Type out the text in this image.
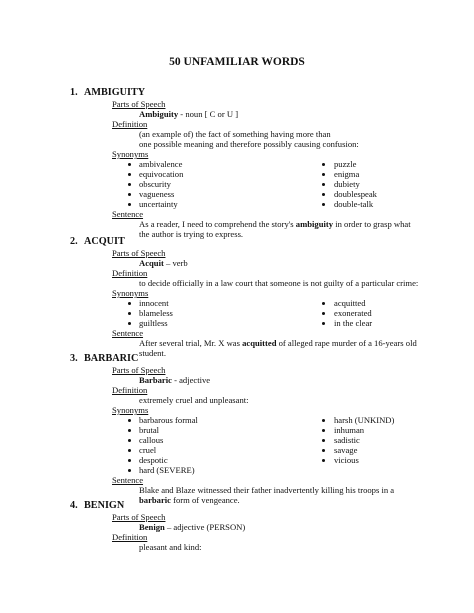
50 UNFAMILIAR WORDS
1. AMBIGUITY
Parts of Speech
Ambiguity - noun [ C or U ]
Definition
(an example of) the fact of something having more than
one possible meaning and therefore possibly causing confusion:
Synonyms
ambivalence	puzzle
equivocation	enigma
obscurity	dubiety
vagueness	doublespeak
uncertainty	double-talk
Sentence
As a reader, I need to comprehend the story's ambiguity in order to grasp what
the author is trying to express.
2. ACQUIT
Parts of Speech
Acquit – verb
Definition
to decide officially in a law court that someone is not guilty of a particular crime:
Synonyms
innocent	acquitted
blameless	exonerated
guiltless	in the clear
Sentence
After several trial, Mr. X was acquitted of alleged rape murder of a 16-years old
student.
3. BARBARIC
Parts of Speech
Barbaric - adjective
Definition
extremely cruel and unpleasant:
Synonyms
barbarous formal	harsh (UNKIND)
brutal	inhuman
callous	sadistic
cruel	savage
despotic	vicious
hard (SEVERE)
Sentence
Blake and Blaze witnessed their father inadvertently killing his troops in a
barbaric form of vengeance.
4. BENIGN
Parts of Speech
Benign – adjective (PERSON)
Definition
pleasant and kind:
